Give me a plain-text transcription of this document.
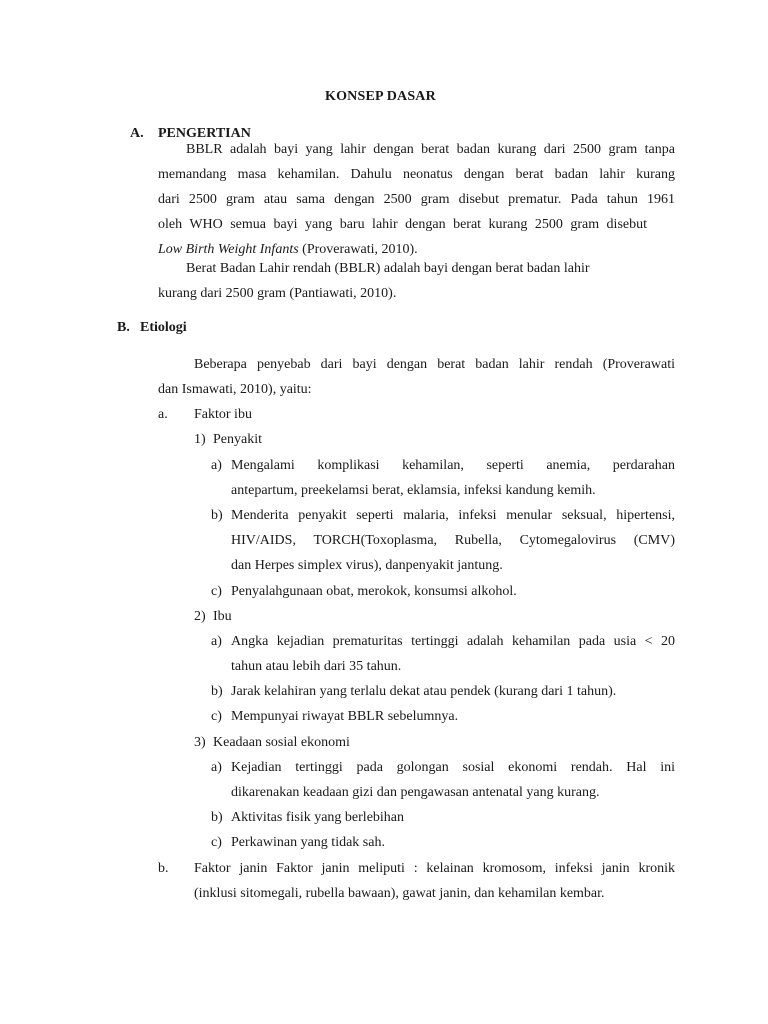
KONSEP DASAR
A. PENGERTIAN
BBLR adalah bayi yang lahir dengan berat badan kurang dari 2500 gram tanpa
memandang masa kehamilan. Dahulu neonatus dengan berat badan lahir kurang
dari 2500 gram atau sama dengan 2500 gram disebut prematur. Pada tahun 1961
oleh WHO semua bayi yang baru lahir dengan berat kurang 2500 gram disebut
Low Birth Weight Infants (Proverawati, 2010).
Berat Badan Lahir rendah (BBLR) adalah bayi dengan berat badan lahir
kurang dari 2500 gram (Pantiawati, 2010).
B. Etiologi
Beberapa penyebab dari bayi dengan berat badan lahir rendah (Proverawati
dan Ismawati, 2010), yaitu:
a. Faktor ibu
1) Penyakit
a) Mengalami komplikasi kehamilan, seperti anemia, perdarahan
antepartum, preekelamsi berat, eklamsia, infeksi kandung kemih.
b) Menderita penyakit seperti malaria, infeksi menular seksual, hipertensi,
HIV/AIDS, TORCH(Toxoplasma, Rubella, Cytomegalovirus (CMV)
dan Herpes simplex virus), danpenyakit jantung.
c) Penyalahgunaan obat, merokok, konsumsi alkohol.
2) Ibu
a) Angka kejadian prematuritas tertinggi adalah kehamilan pada usia < 20
tahun atau lebih dari 35 tahun.
b) Jarak kelahiran yang terlalu dekat atau pendek (kurang dari 1 tahun).
c) Mempunyai riwayat BBLR sebelumnya.
3) Keadaan sosial ekonomi
a) Kejadian tertinggi pada golongan sosial ekonomi rendah. Hal ini
dikarenakan keadaan gizi dan pengawasan antenatal yang kurang.
b) Aktivitas fisik yang berlebihan
c) Perkawinan yang tidak sah.
b. Faktor janin Faktor janin meliputi : kelainan kromosom, infeksi janin kronik
(inklusi sitomegali, rubella bawaan), gawat janin, dan kehamilan kembar.
